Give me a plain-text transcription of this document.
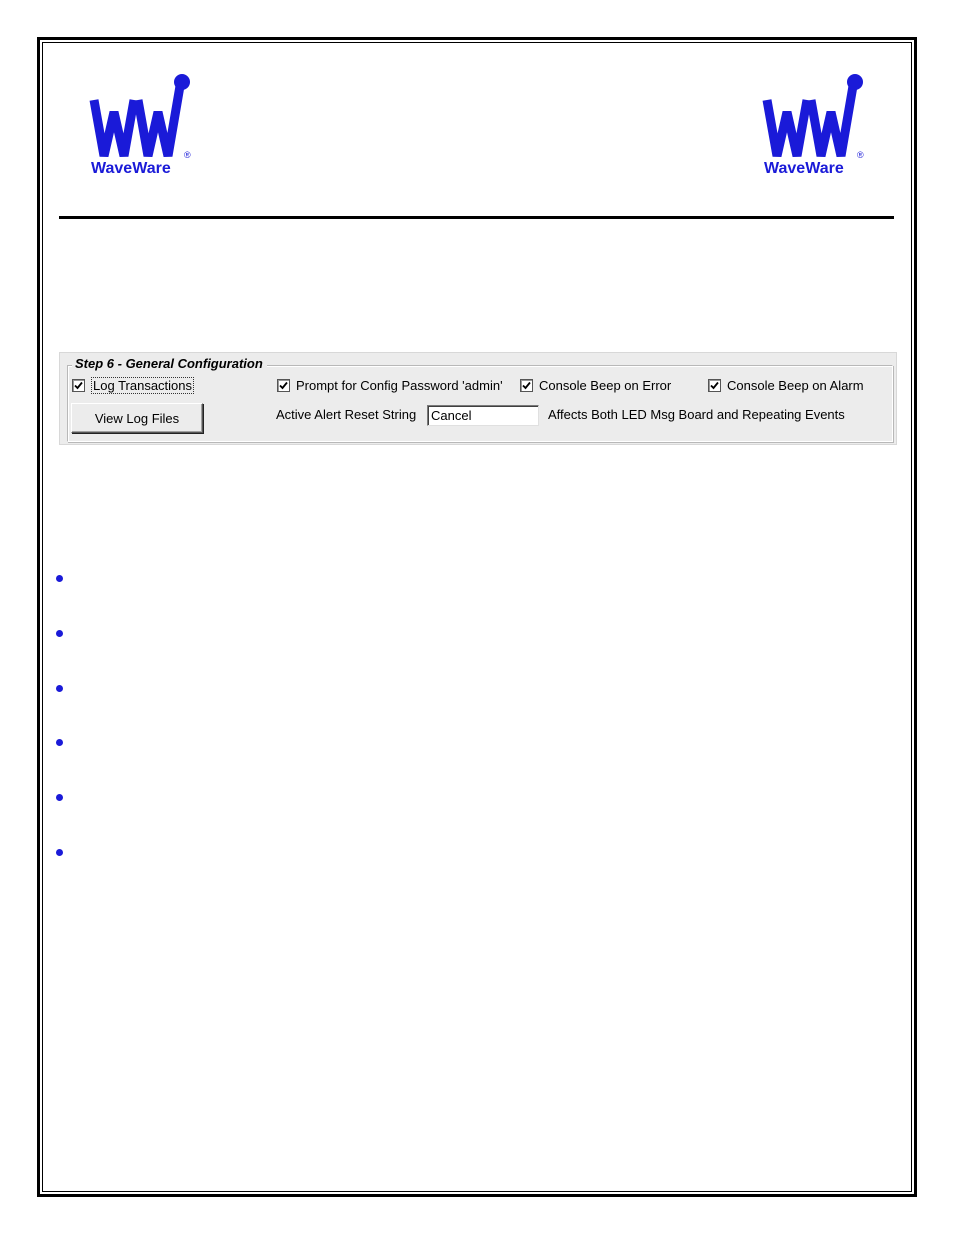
®
WaveWare
®
WaveWare
Step 6 - General Configuration
Log Transactions	Prompt for Config Password 'admin'	Console Beep on Error	Console Beep on Alarm
View Log Files	Active Alert Reset String	Cancel	Affects Both LED Msg Board and Repeating Events
